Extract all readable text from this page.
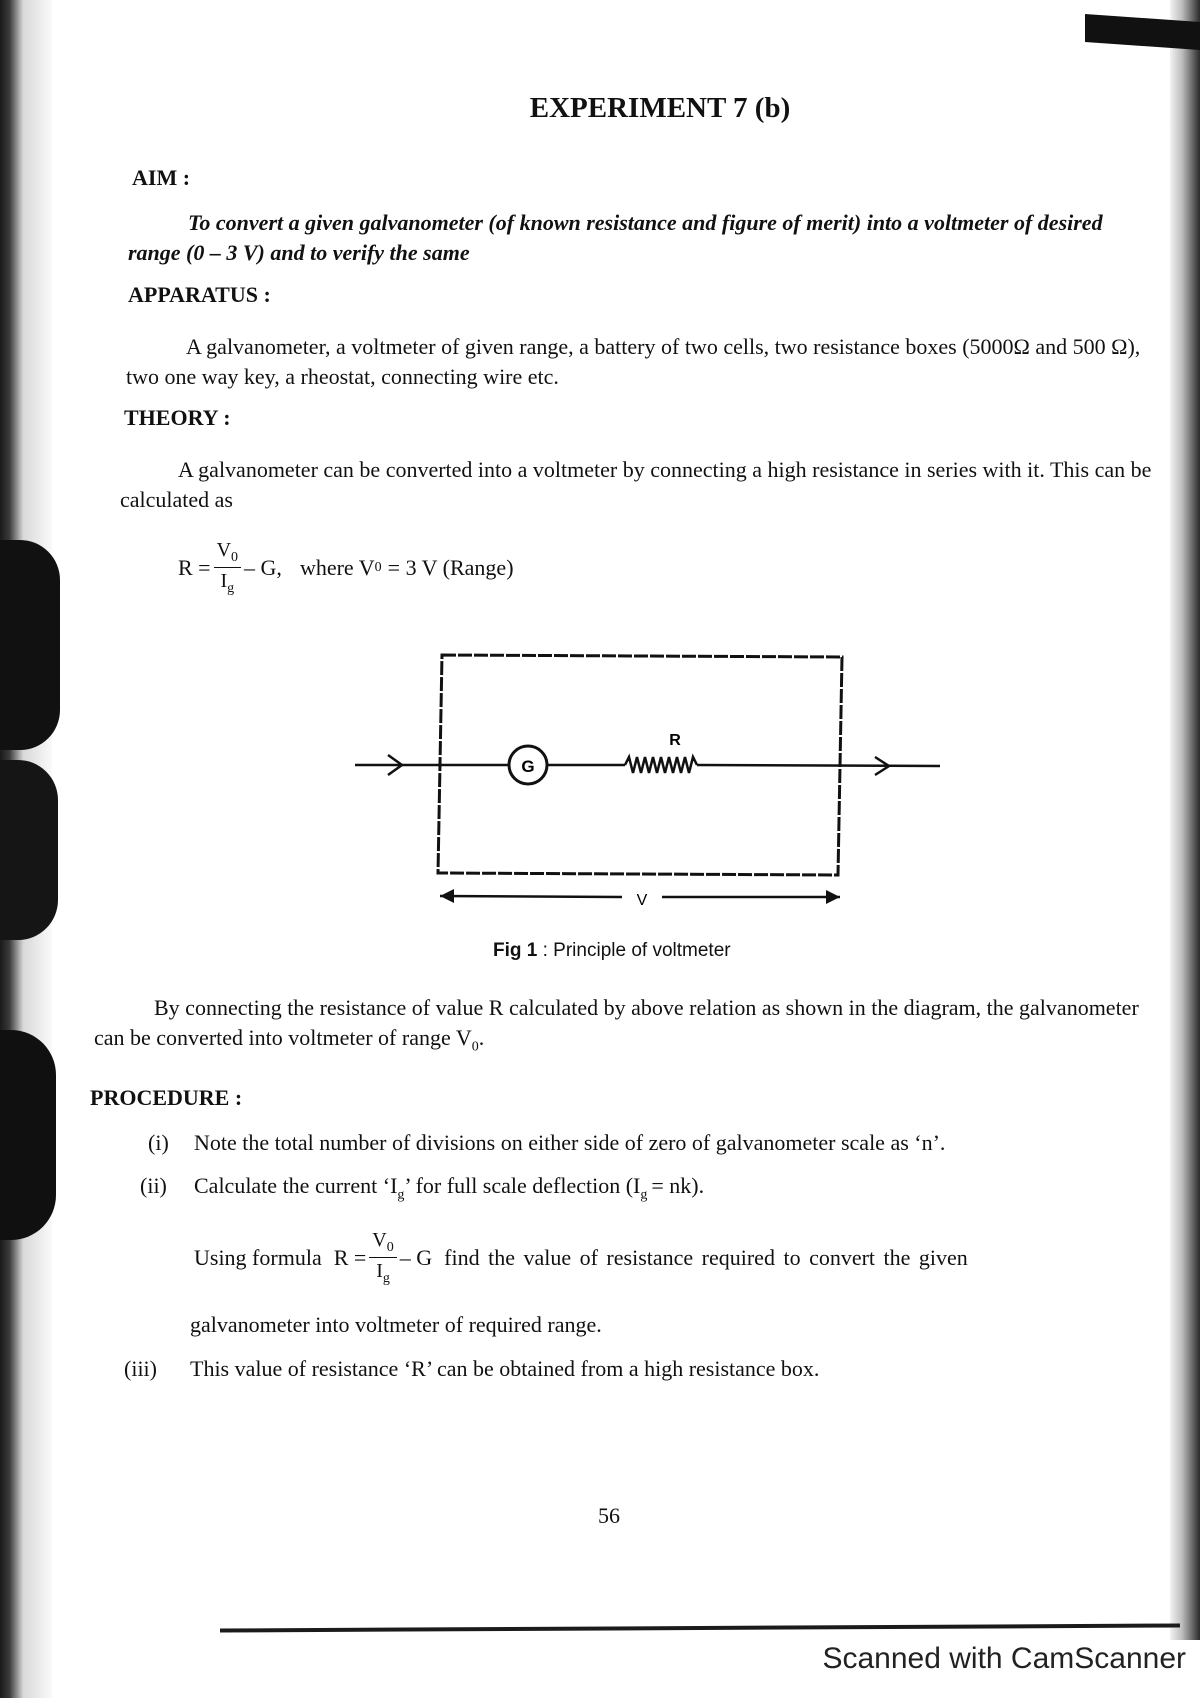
EXPERIMENT 7 (b)
AIM :
To convert a given galvanometer (of known resistance and figure of merit) into a voltmeter of desired range (0 – 3 V) and to verify the same
APPARATUS :
A galvanometer, a voltmeter of given range, a battery of two cells, two resistance boxes (5000Ω and 500 Ω), two one way key, a rheostat, connecting wire etc.
THEORY :
A galvanometer can be converted into a voltmeter by connecting a high resistance in series with it. This can be calculated as
$R = \frac{V_0}{I_g} - G$, where V 0 = 3 V (Range)
G
R
V
Fig 1 : Principle of voltmeter
By connecting the resistance of value R calculated by above relation as shown in the diagram, the galvanometer can be converted into voltmeter of range $V_0$.
PROCEDURE :
(i) Note the total number of divisions on either side of zero of galvanometer scale as ‘n’.
(ii) Calculate the current ‘$I_g$’ for full scale deflection $(I_g = nk)$.
Using formula $R = \frac{V_0}{I_g} - G$ find the value of resistance required to convert the given
galvanometer into voltmeter of required range.
(iii) This value of resistance ‘R’ can be obtained from a high resistance box.
56
Scanned with CamScanner
